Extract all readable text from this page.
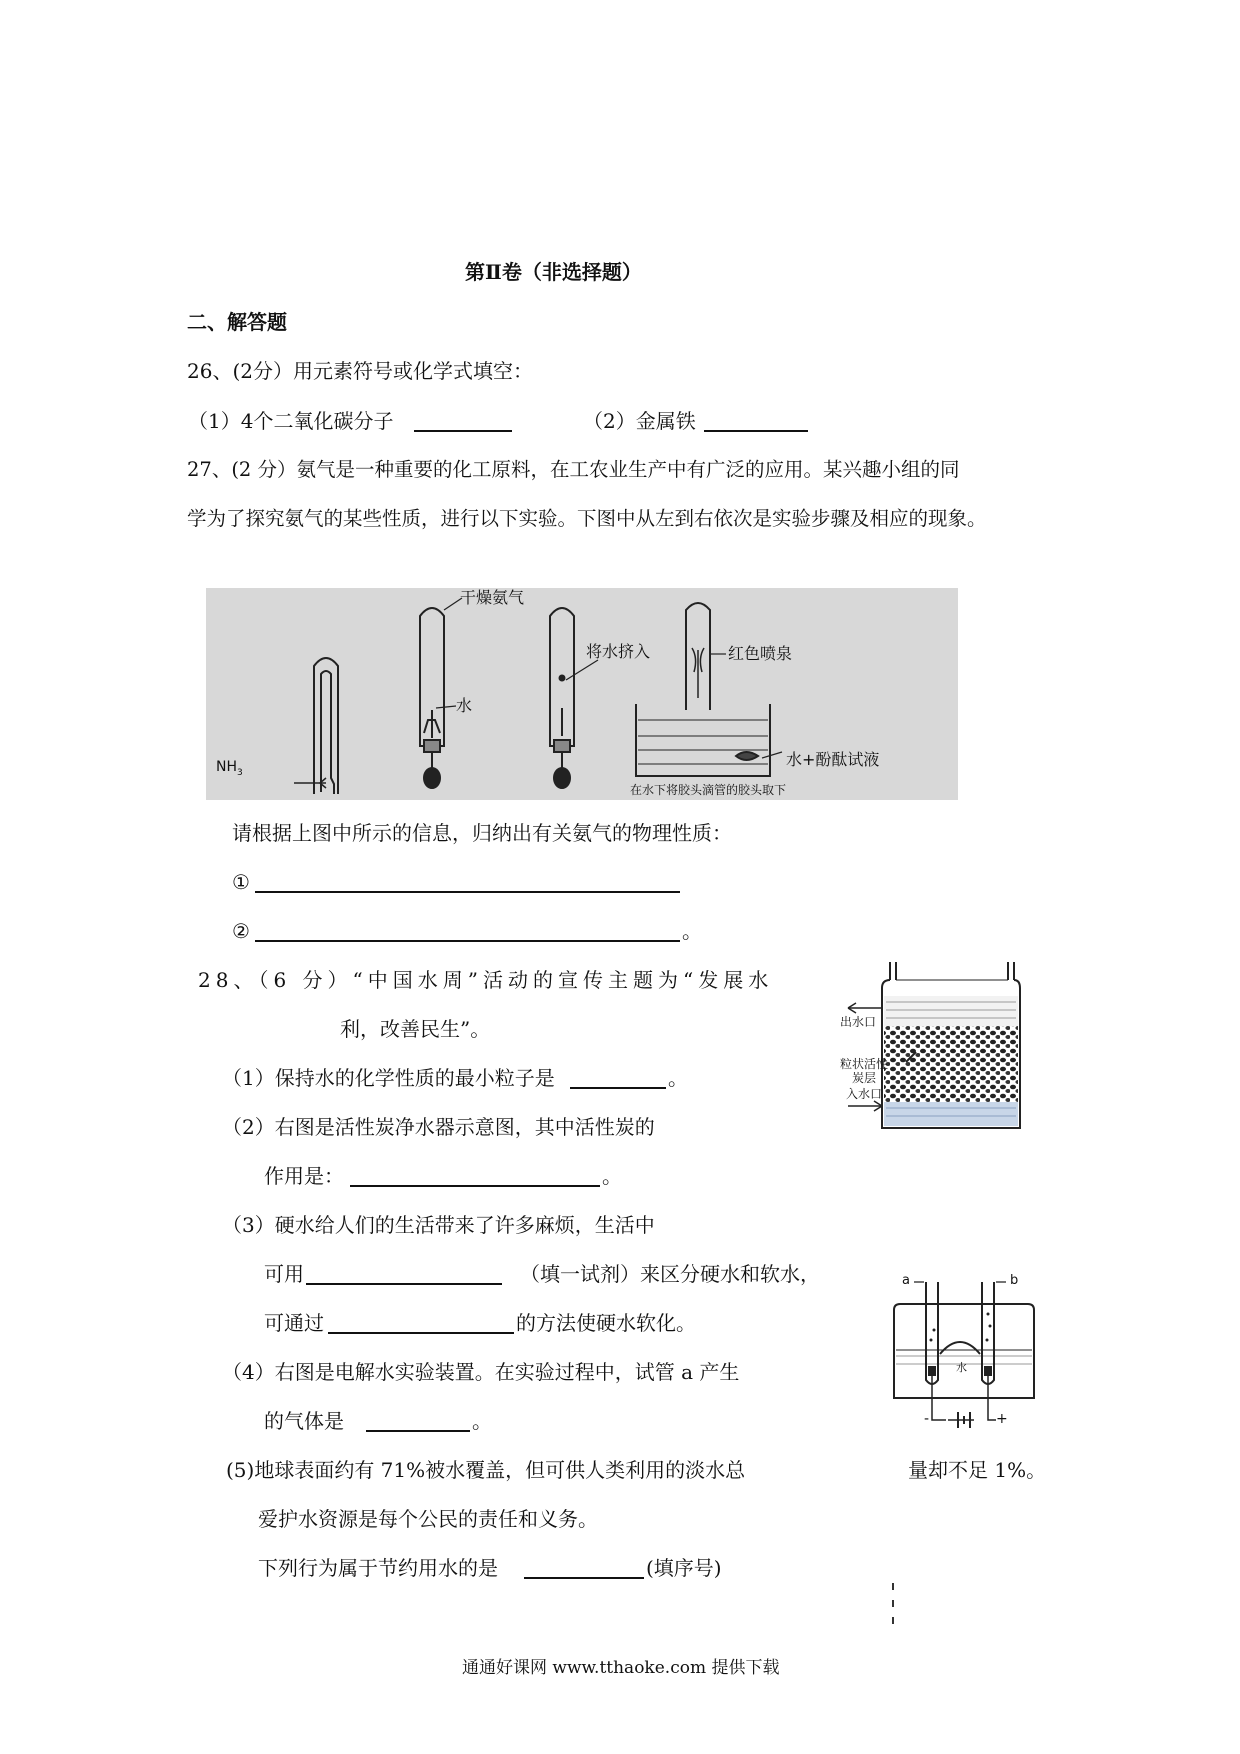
第Ⅱ卷（非选择题）
二、解答题
26、(2分）用元素符号或化学式填空：
（1）4个二氧化碳分子	（2）金属铁
27、(2 分）氨气是一种重要的化工原料，在工农业生产中有广泛的应用。某兴趣小组的同
学为了探究氨气的某些性质，进行以下实验。下图中从左到右依次是实验步骤及相应的现象。
$NH_3$
干燥氨气
水
将水挤入	红色喷泉
水+酚酞试液
在水下将胶头滴管的胶头取下
请根据上图中所示的信息，归纳出有关氨气的物理性质：
①
②	。
28、（6 分）“中国水周”活动的宣传主题为“发展水
利，改善民生”。
（1）保持水的化学性质的最小粒子是	。
（2）右图是活性炭净水器示意图，其中活性炭的
作用是：	。
（3）硬水给人们的生活带来了许多麻烦，生活中
可用	（填一试剂）来区分硬水和软水，
可通过	的方法使硬水软化。
（4）右图是电解水实验装置。在实验过程中，试管 a 产生
的气体是	。
(5)地球表面约有 71%被水覆盖，但可供人类利用的淡水总	量却不足 1%。
爱护水资源是每个公民的责任和义务。
下列行为属于节约用水的是	(填序号)
出水口
粒状活性
炭层
入水口
a	b
水
-	+
通通好课网 www.tthaoke.com 提供下载
